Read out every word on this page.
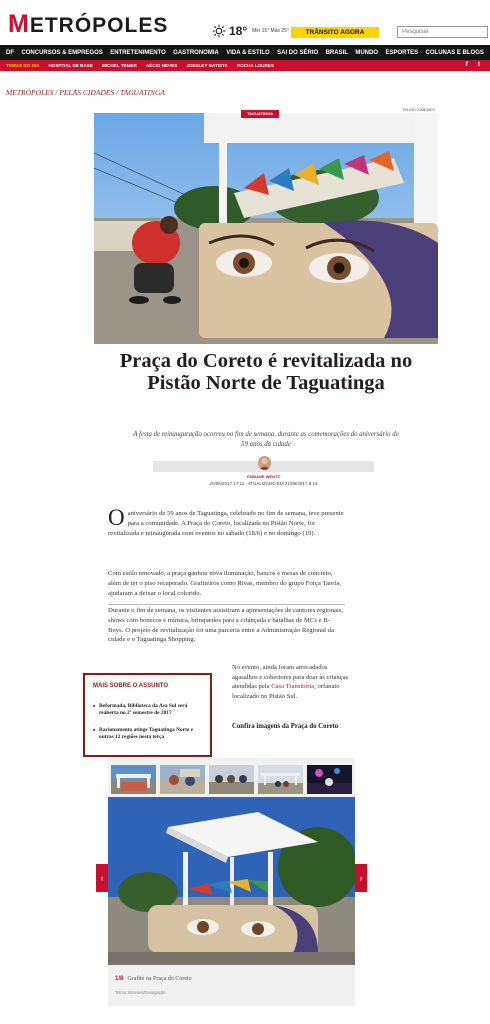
METRÓPOLES	18° Min 15° Máx 25°	TRÂNSITO AGORA
Pesquisar
DF CONCURSOS & EMPREGOS ENTRETENIMENTO GASTRONOMIA VIDA & ESTILO SAI DO SÉRIO BRASIL MUNDO ESPORTES COLUNAS E BLOGS
TEMAS DO DIA HOSPITAL DE BASE MICHEL TEMER AÉCIO NEVES JOESLEY BATISTA ROCHA LOURES	f t
METRÓPOLES / PELAS CIDADES / TAGUATINGA
TAGUATINGA
TELMO XIMENES
Praça do Coreto é revitalizada no Pistão Norte de Taguatinga

A festa de reinauguração ocorreu no fim de semana, durante as comemorações do aniversário de 59 anos da cidade

FABIANE WENTZ
20/06/2017 17:11 , ATUALIZADO EM 21/06/2017 8:19
Oaniversário de 59 anos de Taguatinga, celebrado no fim de semana, teve presente para a comunidade. A Praça do Coreto, localizada no Pistão Norte, foi revitalizada e reinaugurada com eventos no sábado (18/6) e no domingo (19).
Com estilo renovado, a praça ganhou nova iluminação, bancos e mesas de concreto, além de ter o piso recuperado. Grafiteiros como Rivas, membro do grupo Força Tarefa, ajudaram a deixar o local colorido.
Durante o fim de semana, os visitantes assistiram a apresentações de cantores regionais, shows com bonecos e mímica, brinquedos para a criançada e batalhas de MCs e B-Boys. O projeto de revitalização foi uma parceria entre a Administração Regional da cidade e o Taguatinga Shopping.
MAIS SOBRE O ASSUNTO
■ Reformada, Biblioteca da Asa Sul será reaberta no 2º semestre de 2017
■ Racionamento atinge Taguatinga Norte e outras 12 regiões nesta terça
No evento, ainda foram arrecadados agasalhos e cobertores para doar às crianças atendidas pela Casa Transitória, orfanato localizado no Pistão Sul.
Confira imagens da Praça do Coreto
‹	›
1/8 Grafite na Praça do Coreto
Telmo Ximenes/Divulgação
